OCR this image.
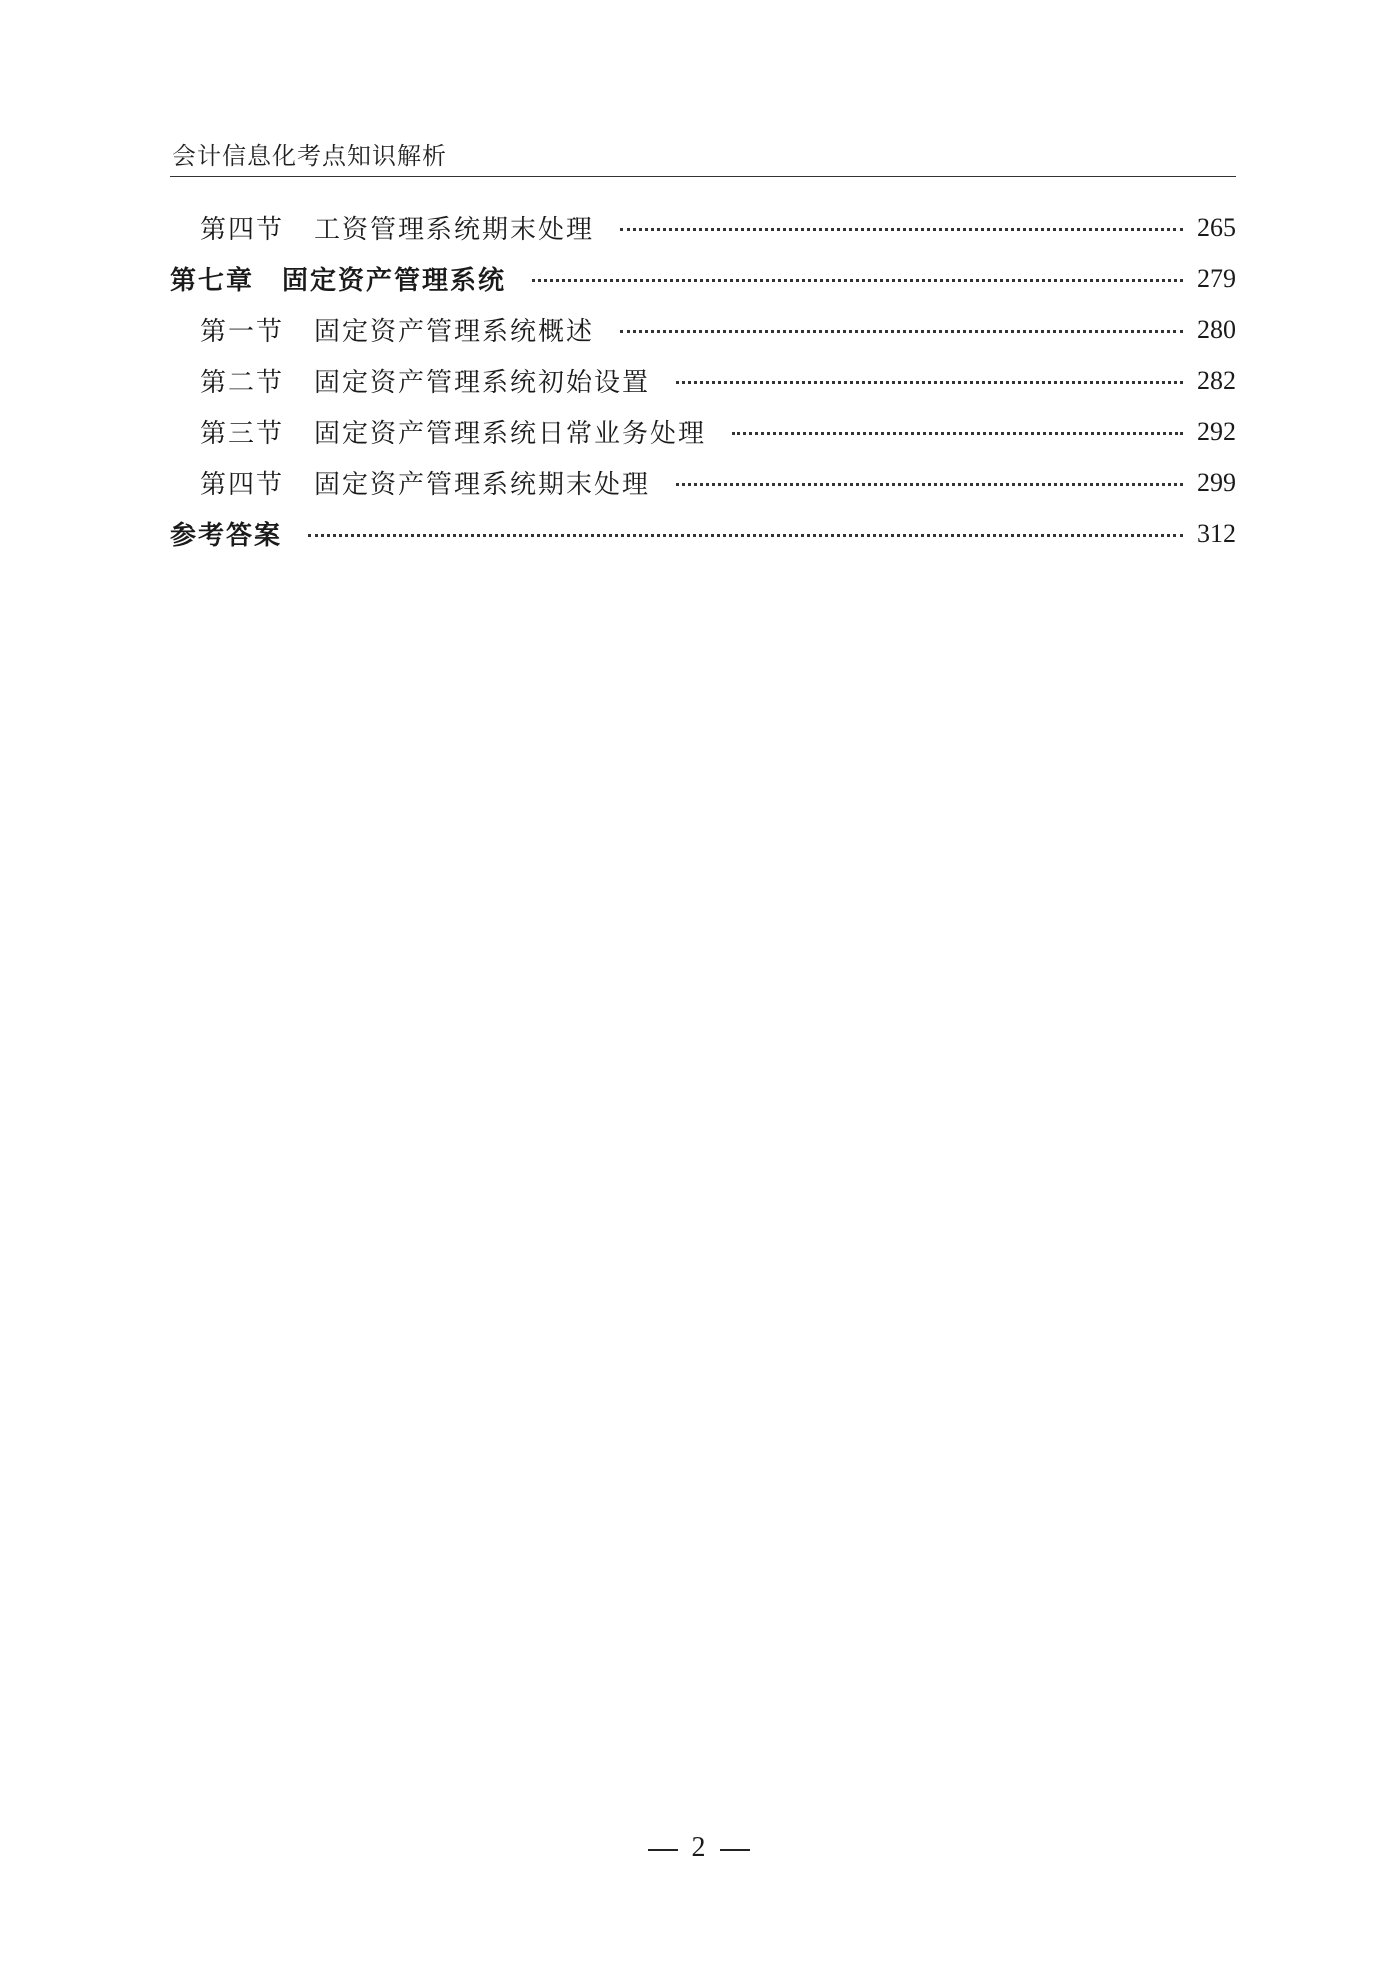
会计信息化考点知识解析
第四节 工资管理系统期末处理	265
第七章 固定资产管理系统	279
第一节 固定资产管理系统概述	280
第二节 固定资产管理系统初始设置	282
第三节 固定资产管理系统日常业务处理	292
第四节 固定资产管理系统期末处理	299
参考答案	312
2
